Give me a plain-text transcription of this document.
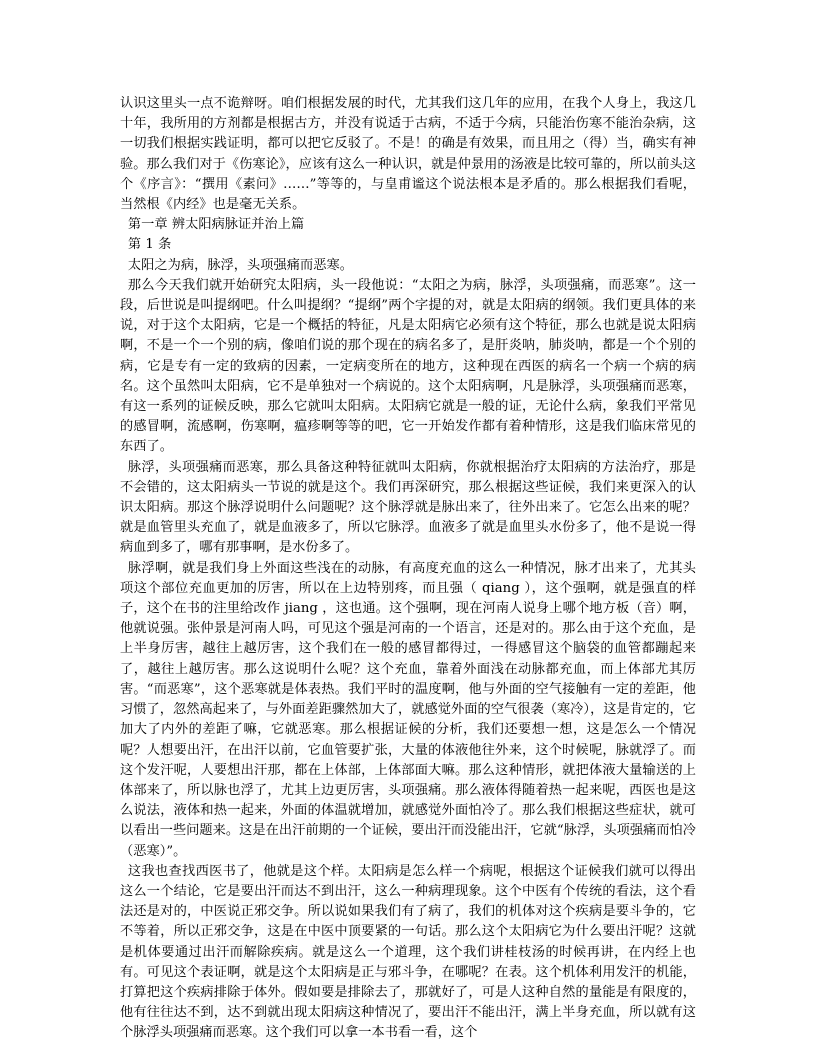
认识这里头一点不诡辩呀。咱们根据发展的时代，尤其我们这几年的应用，在我个人身上，我这几十年，我所用的方剂都是根据古方，并没有说适于古病，不适于今病，只能治伤寒不能治杂病，这一切我们根据实践证明，都可以把它反驳了。不是！的确是有效果，而且用之（得）当，确实有神验。那么我们对于《伤寒论》，应该有这么一种认识，就是仲景用的汤液是比较可靠的，所以前头这个《序言》：“撰用《素问》……”等等的，与皇甫谧这个说法根本是矛盾的。那么根据我们看呢，当然根《内经》也是毫无关系。

第一章 辨太阳病脉证并治上篇

第 1 条

太阳之为病，脉浮，头项强痛而恶寒。

那么今天我们就开始研究太阳病，头一段他说：“太阳之为病，脉浮，头项强痛，而恶寒”。这一段，后世说是叫提纲吧。什么叫提纲？“提纲”两个字提的对，就是太阳病的纲领。我们更具体的来说，对于这个太阳病，它是一个概括的特征，凡是太阳病它必须有这个特征，那么也就是说太阳病啊，不是一个一个别的病，像咱们说的那个现在的病名多了，是肝炎呐，肺炎呐，都是一个个别的病，它是专有一定的致病的因素，一定病变所在的地方，这种现在西医的病名一个病一个病的病名。这个虽然叫太阳病，它不是单独对一个病说的。这个太阳病啊，凡是脉浮，头项强痛而恶寒，有这一系列的证候反映，那么它就叫太阳病。太阳病它就是一般的证，无论什么病，象我们平常见的感冒啊，流感啊，伤寒啊，瘟疹啊等等的吧，它一开始发作都有着种情形，这是我们临床常见的东西了。

脉浮，头项强痛而恶寒，那么具备这种特征就叫太阳病，你就根据治疗太阳病的方法治疗，那是不会错的，这太阳病头一节说的就是这个。我们再深研究，那么根据这些证候，我们来更深入的认识太阳病。那这个脉浮说明什么问题呢？这个脉浮就是脉出来了，往外出来了。它怎么出来的呢？就是血管里头充血了，就是血液多了，所以它脉浮。血液多了就是血里头水份多了，他不是说一得病血到多了，哪有那事啊，是水份多了。

脉浮啊，就是我们身上外面这些浅在的动脉，有高度充血的这么一种情况，脉才出来了，尤其头项这个部位充血更加的厉害，所以在上边特别疼，而且强（ qiang ），这个强啊，就是强直的样子，这个在书的注里给改作 jiang ，这也通。这个强啊，现在河南人说身上哪个地方板（音）啊，他就说强。张仲景是河南人吗，可见这个强是河南的一个语言，还是对的。那么由于这个充血，是上半身厉害，越往上越厉害，这个我们在一般的感冒都得过，一得感冒这个脑袋的血管都蹦起来了，越往上越厉害。那么这说明什么呢？这个充血，靠着外面浅在动脉都充血，而上体部尤其厉害。“而恶寒”，这个恶寒就是体表热。我们平时的温度啊，他与外面的空气接触有一定的差距，他习惯了，忽然高起来了，与外面差距骤然加大了，就感觉外面的空气很袭（寒冷），这是肯定的，它加大了内外的差距了嘛，它就恶寒。那么根据证候的分析，我们还要想一想，这是怎么一个情况呢？人想要出汗，在出汗以前，它血管要扩张，大量的体液他往外来，这个时候呢，脉就浮了。而这个发汗呢，人要想出汗那，都在上体部，上体部面大嘛。那么这种情形，就把体液大量输送的上体部来了，所以脉也浮了，尤其上边更厉害，头项强痛。那么液体得随着热一起来呢，西医也是这么说法，液体和热一起来，外面的体温就增加，就感觉外面怕冷了。那么我们根据这些症状，就可以看出一些问题来。这是在出汗前期的一个证候，要出汗而没能出汗，它就“脉浮，头项强痛而怕冷（恶寒）”。

这我也查找西医书了，他就是这个样。太阳病是怎么样一个病呢，根据这个证候我们就可以得出这么一个结论，它是要出汗而达不到出汗，这么一种病理现象。这个中医有个传统的看法，这个看法还是对的，中医说正邪交争。所以说如果我们有了病了，我们的机体对这个疾病是要斗争的，它不等着，所以正邪交争，这是在中医中顶要紧的一句话。那么这个太阳病它为什么要出汗呢？这就是机体要通过出汗而解除疾病。就是这么一个道理，这个我们讲桂枝汤的时候再讲，在内经上也有。可见这个表证啊，就是这个太阳病是正与邪斗争，在哪呢？在表。这个机体利用发汗的机能，打算把这个疾病排除于体外。假如要是排除去了，那就好了，可是人这种自然的量能是有限度的，他有往往达不到，达不到就出现太阳病这种情况了，要出汗不能出汗，满上半身充血，所以就有这个脉浮头项强痛而恶寒。这个我们可以拿一本书看一看，这个
